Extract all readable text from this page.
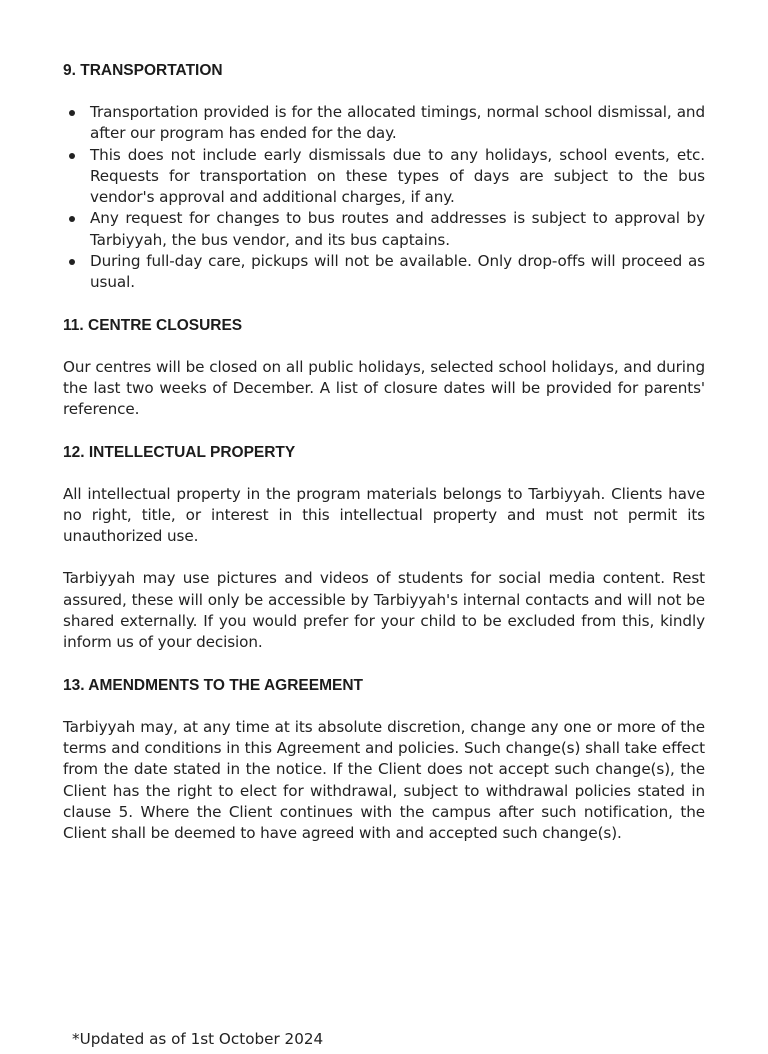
9. TRANSPORTATION
Transportation provided is for the allocated timings, normal school dismissal, and after our program has ended for the day.
This does not include early dismissals due to any holidays, school events, etc. Requests for transportation on these types of days are subject to the bus vendor's approval and additional charges, if any.
Any request for changes to bus routes and addresses is subject to approval by Tarbiyyah, the bus vendor, and its bus captains.
During full-day care, pickups will not be available. Only drop-offs will proceed as usual.
11. CENTRE CLOSURES

Our centres will be closed on all public holidays, selected school holidays, and during the last two weeks of December. A list of closure dates will be provided for parents' reference.

12. INTELLECTUAL PROPERTY

All intellectual property in the program materials belongs to Tarbiyyah. Clients have no right, title, or interest in this intellectual property and must not permit its unauthorized use.

Tarbiyyah may use pictures and videos of students for social media content. Rest assured, these will only be accessible by Tarbiyyah's internal contacts and will not be shared externally. If you would prefer for your child to be excluded from this, kindly inform us of your decision.

13. AMENDMENTS TO THE AGREEMENT

Tarbiyyah may, at any time at its absolute discretion, change any one or more of the terms and conditions in this Agreement and policies. Such change(s) shall take effect from the date stated in the notice. If the Client does not accept such change(s), the Client has the right to elect for withdrawal, subject to withdrawal policies stated in clause 5. Where the Client continues with the campus after such notification, the Client shall be deemed to have agreed with and accepted such change(s).

*Updated as of 1st October 2024
